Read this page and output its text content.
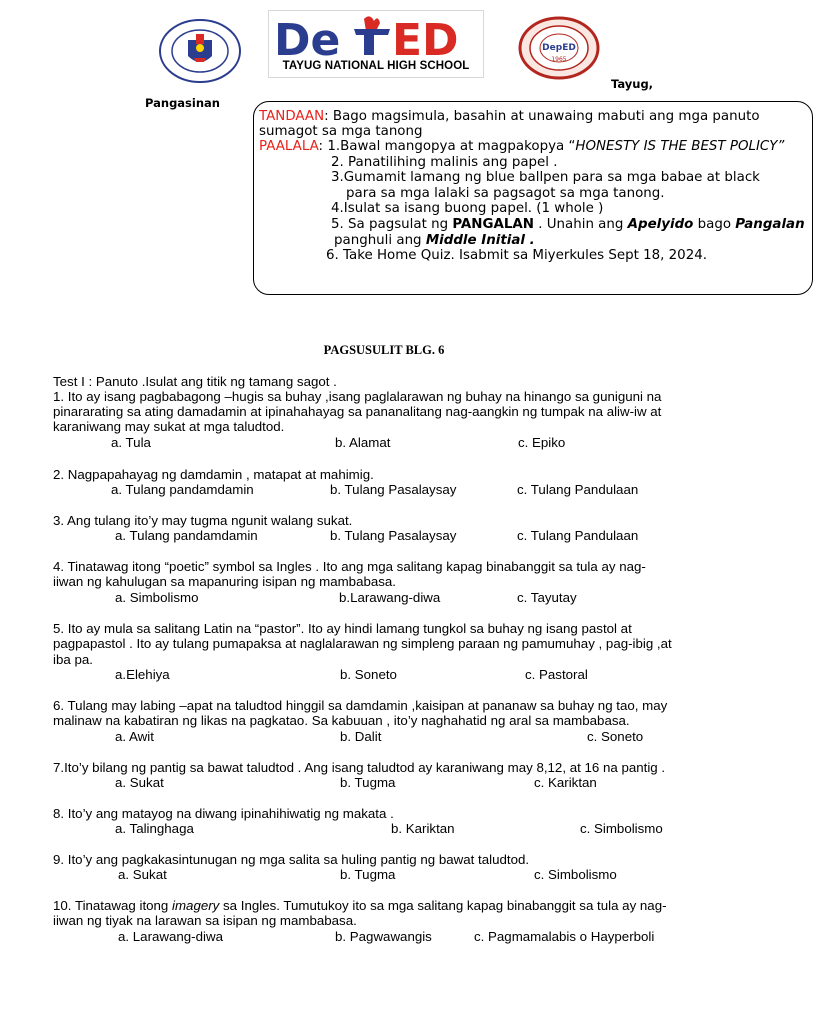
De ED
TAYUG NATIONAL HIGH SCHOOL
DepED
1965
Tayug,
Pangasinan
TANDAAN: Bago magsimula, basahin at unawaing mabuti ang mga panuto
sumagot sa mga tanong
PAALALA: 1.Bawal mangopya at magpakopya “HONESTY IS THE BEST POLICY”
2. Panatilihing malinis ang papel .
3.Gumamit lamang ng blue ballpen para sa mga babae at black
para sa mga lalaki sa pagsagot sa mga tanong.
4.Isulat sa isang buong papel. (1 whole )
5. Sa pagsulat ng PANGALAN . Unahin ang Apelyido bago Pangalan
panghuli ang Middle Initial .
6. Take Home Quiz. Isabmit sa Miyerkules Sept 18, 2024.
PAGSUSULIT BLG. 6
Test I : Panuto .Isulat ang titik ng tamang sagot .
1. Ito ay isang pagbabagong –hugis sa buhay ,isang paglalarawan ng buhay na hinango sa guniguni na
pinararating sa ating damadamin at ipinahahayag sa pananalitang nag-aangkin ng tumpak na aliw-iw at
karaniwang may sukat at mga taludtod.
a. Tula	b. Alamat	c. Epiko
2. Nagpapahayag ng damdamin , matapat at mahimig.
a. Tulang pandamdamin	b. Tulang Pasalaysay	c. Tulang Pandulaan
3. Ang tulang ito’y may tugma ngunit walang sukat.
a. Tulang pandamdamin	b. Tulang Pasalaysay	c. Tulang Pandulaan
4. Tinatawag itong “poetic” symbol sa Ingles . Ito ang mga salitang kapag binabanggit sa tula ay nag-
iiwan ng kahulugan sa mapanuring isipan ng mambabasa.
a. Simbolismo	b.Larawang-diwa	c. Tayutay
5. Ito ay mula sa salitang Latin na “pastor”. Ito ay hindi lamang tungkol sa buhay ng isang pastol at
pagpapastol . Ito ay tulang pumapaksa at naglalarawan ng simpleng paraan ng pamumuhay , pag-ibig ,at
iba pa.
a.Elehiya	b. Soneto	c. Pastoral
6. Tulang may labing –apat na taludtod hinggil sa damdamin ,kaisipan at pananaw sa buhay ng tao, may
malinaw na kabatiran ng likas na pagkatao. Sa kabuuan , ito’y naghahatid ng aral sa mambabasa.
a. Awit	b. Dalit	c. Soneto
7.Ito’y bilang ng pantig sa bawat taludtod . Ang isang taludtod ay karaniwang may 8,12, at 16 na pantig .
a. Sukat	b. Tugma	c. Kariktan
8. Ito’y ang matayog na diwang ipinahihiwatig ng makata .
a. Talinghaga	b. Kariktan	c. Simbolismo
9. Ito’y ang pagkakasintunugan ng mga salita sa huling pantig ng bawat taludtod.
a. Sukat	b. Tugma	c. Simbolismo
10. Tinatawag itong imagery sa Ingles. Tumutukoy ito sa mga salitang kapag binabanggit sa tula ay nag-
iiwan ng tiyak na larawan sa isipan ng mambabasa.
a. Larawang-diwa	b. Pagwawangis	c. Pagmamalabis o Hayperboli
